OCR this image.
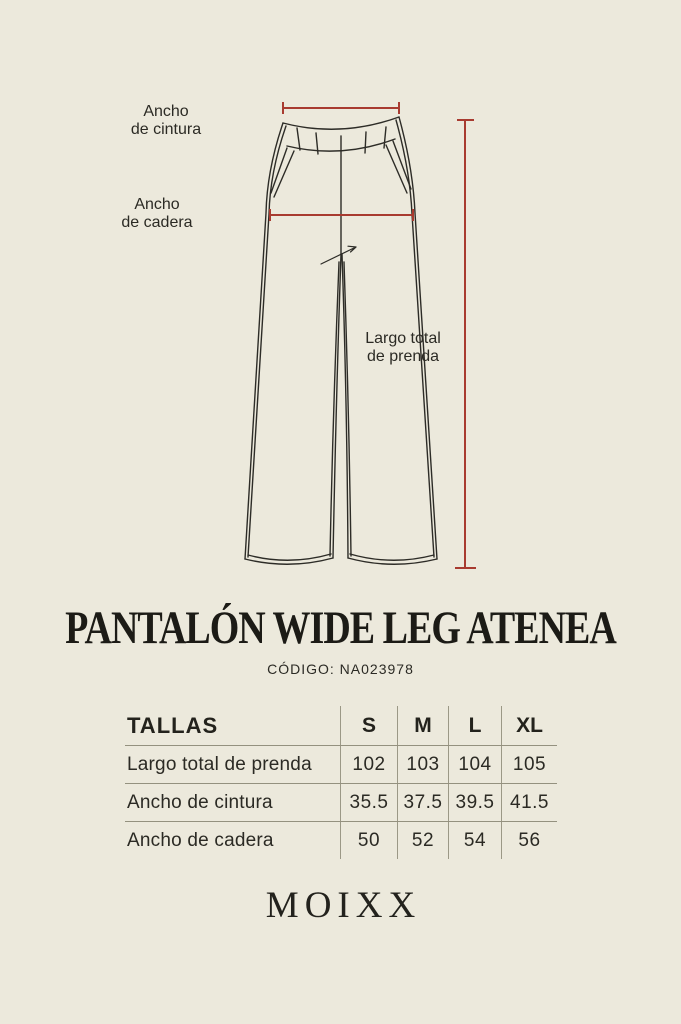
Ancho
de cintura
Ancho
de cadera
Largo total
de prenda
PANTALÓN WIDE LEG ATENEA
CÓDIGO: NA023978
TALLAS	S M L XL
Largo total de prenda 102 103 104 105
Ancho de cintura	35.5 37.5 39.5 41.5
Ancho de cadera	50 52 54 56
MOIXX
